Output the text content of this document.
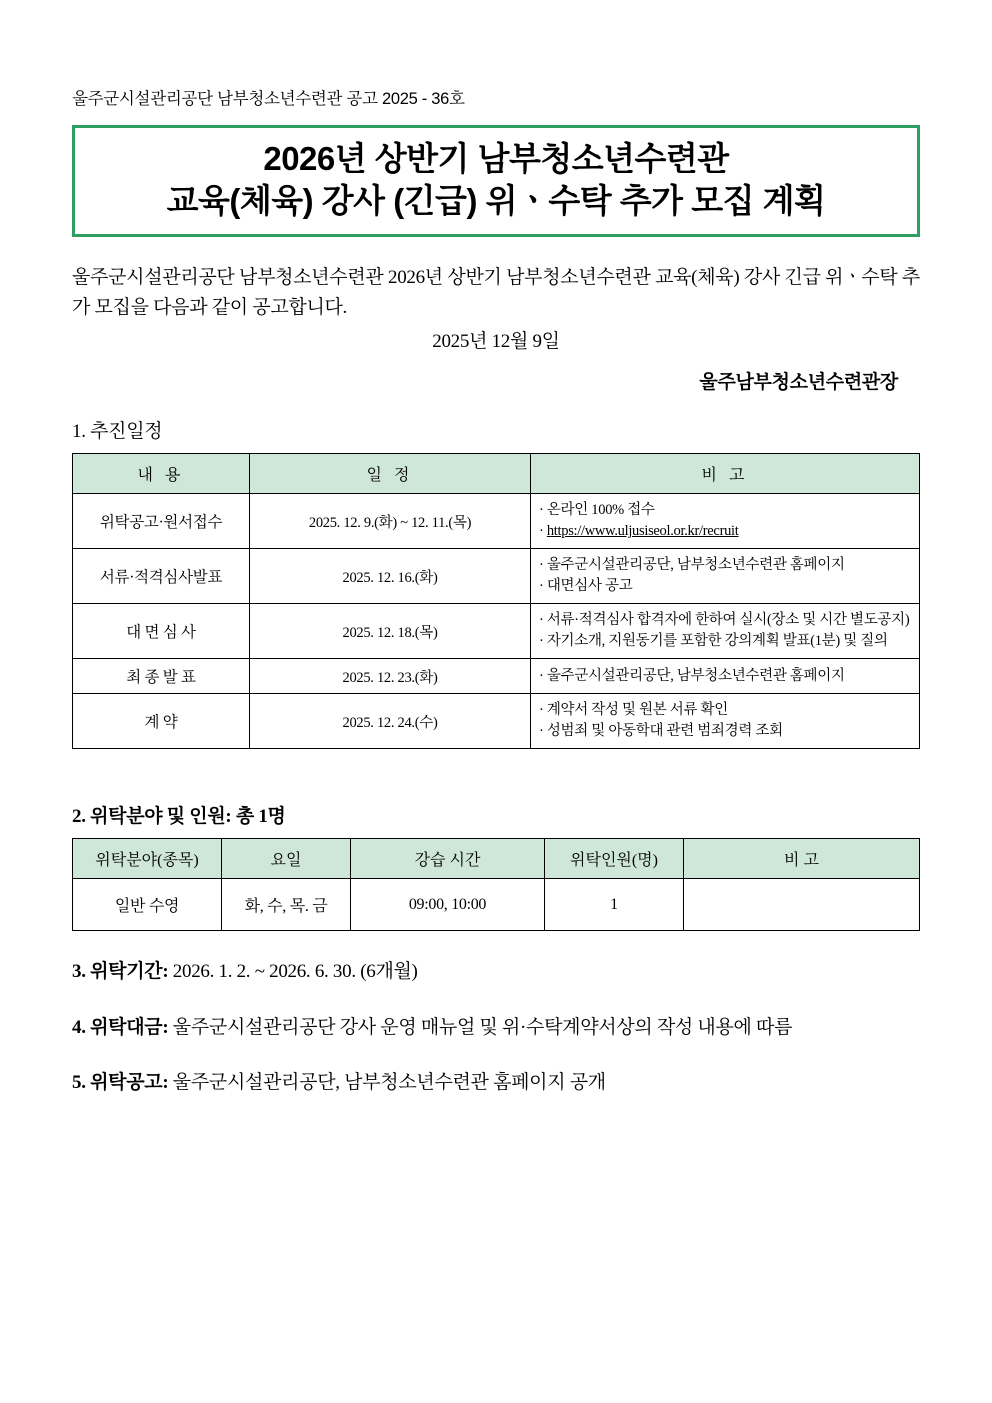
울주군시설관리공단 남부청소년수련관 공고 2025 - 36호
2026년 상반기 남부청소년수련관
교육(체육) 강사 (긴급) 위ㆍ수탁 추가 모집 계획
울주군시설관리공단 남부청소년수련관 2026년 상반기 남부청소년수련관 교육(체육) 강사 긴급 위ㆍ수탁 추가 모집을 다음과 같이 공고합니다.
2025년 12월 9일
울주남부청소년수련관장
1. 추진일정
내 용	일 정	비 고
위탁공고·원서접수	2025. 12. 9.(화) ~ 12. 11.(목)	· 온라인 100% 접수
· https://www.uljusiseol.or.kr/recruit

서류·적격심사발표	2025. 12. 16.(화)	· 울주군시설관리공단, 남부청소년수련관 홈페이지
· 대면심사 공고

대 면 심 사	2025. 12. 18.(목)	· 서류·적격심사 합격자에 한하여 실시(장소 및 시간 별도공지)
· 자기소개, 지원동기를 포함한 강의계획 발표(1분) 및 질의

최 종 발 표	2025. 12. 23.(화)	· 울주군시설관리공단, 남부청소년수련관 홈페이지

계 약	2025. 12. 24.(수)	· 계약서 작성 및 원본 서류 확인
· 성범죄 및 아동학대 관련 범죄경력 조회
2. 위탁분야 및 인원: 총 1명
위탁분야(종목)	요일	강습 시간	위탁인원(명)	비 고
일반 수영	화, 수, 목. 금	09:00, 10:00	1	
3. 위탁기간: 2026. 1. 2. ~ 2026. 6. 30. (6개월)
4. 위탁대금: 울주군시설관리공단 강사 운영 매뉴얼 및 위·수탁계약서상의 작성 내용에 따름
5. 위탁공고: 울주군시설관리공단, 남부청소년수련관 홈페이지 공개
